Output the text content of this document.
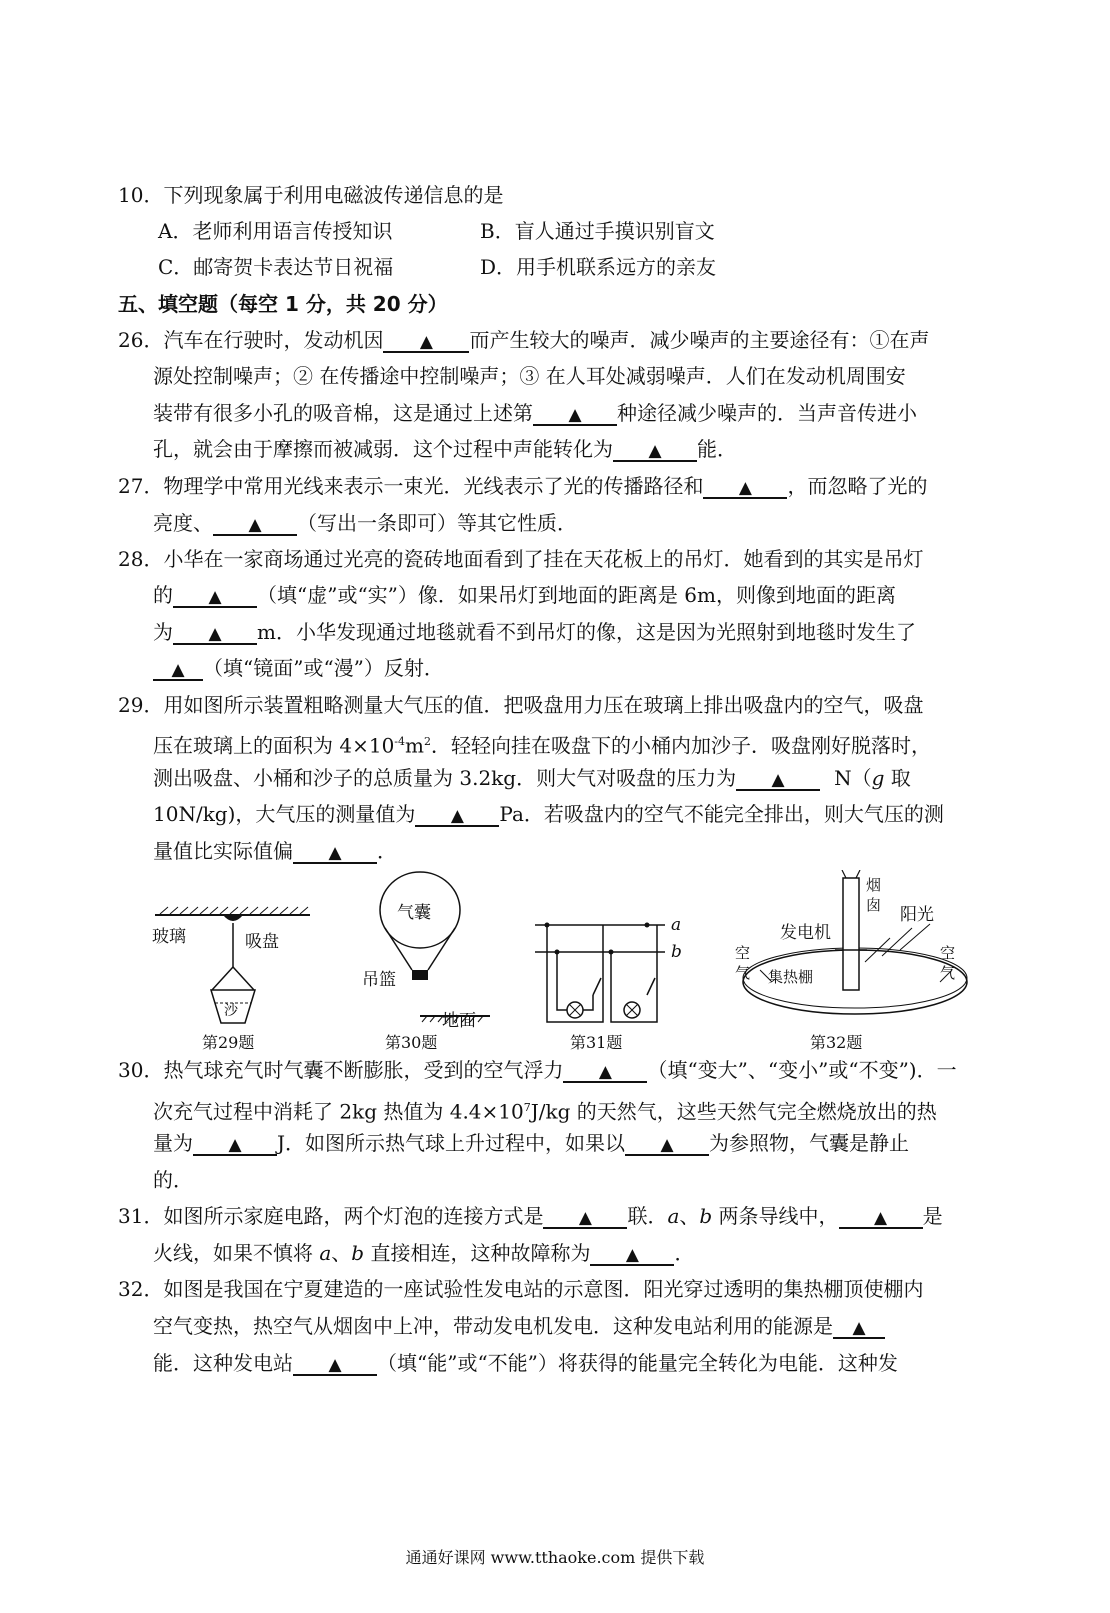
10．下列现象属于利用电磁波传递信息的是
A．老师利用语言传授知识	B．盲人通过手摸识别盲文
C．邮寄贺卡表达节日祝福	D．用手机联系远方的亲友
五、填空题（每空 1 分，共 20 分）
26．汽车在行驶时，发动机因 ▲	而产生较大的噪声．减少噪声的主要途径有：①在声
源处控制噪声；② 在传播途中控制噪声；③ 在人耳处减弱噪声．人们在发动机周围安
装带有很多小孔的吸音棉，这是通过上述第 ▲	种途径减少噪声的．当声音传进小
孔，就会由于摩擦而被减弱．这个过程中声能转化为 ▲	能．
27．物理学中常用光线来表示一束光．光线表示了光的传播路径和 ▲	，而忽略了光的
亮度、 ▲	（写出一条即可）等其它性质．
28．小华在一家商场通过光亮的瓷砖地面看到了挂在天花板上的吊灯．她看到的其实是吊灯
的 ▲	（填“虚”或“实”）像．如果吊灯到地面的距离是 6m，则像到地面的距离
为 ▲	m．小华发现通过地毯就看不到吊灯的像，这是因为光照射到地毯时发生了
▲（填“镜面”或“漫”）反射．
29．用如图所示装置粗略测量大气压的值．把吸盘用力压在玻璃上排出吸盘内的空气，吸盘
压在玻璃上的面积为 $4\times 10^{-4}m^2$．轻轻向挂在吸盘下的小桶内加沙子．吸盘刚好脱落时，
测出吸盘、小桶和沙子的总质量为 3.2kg．则大气对吸盘的压力为 ▲	N（g 取
10N/kg)，大气压的测量值为 ▲	Pa．若吸盘内的空气不能完全排出，则大气压的测
量值比实际值偏 ▲	．
玻璃	吸盘
沙
第29题
气囊
吊篮
地面
第30题
a
b
第31题
烟
囱 阳光
发电机
集热棚
空
气
空
气
第32题
30．热气球充气时气囊不断膨胀，受到的空气浮力 ▲	（填“变大”、“变小”或“不变”)．一
次充气过程中消耗了 2kg 热值为 $4.4\times 10^7J/kg$ 的天然气，这些天然气完全燃烧放出的热
量为 ▲	J．如图所示热气球上升过程中，如果以 ▲	为参照物，气囊是静止
的．
31．如图所示家庭电路，两个灯泡的连接方式是 ▲	联．a、b 两条导线中， ▲	是
火线，如果不慎将 a、b 直接相连，这种故障称为 ▲	．
32．如图是我国在宁夏建造的一座试验性发电站的示意图．阳光穿过透明的集热棚顶使棚内
空气变热，热空气从烟囱中上冲，带动发电机发电．这种发电站利用的能源是▲
能．这种发电站 ▲	（填“能”或“不能”）将获得的能量完全转化为电能．这种发
通通好课网 www.tthaoke.com 提供下载
